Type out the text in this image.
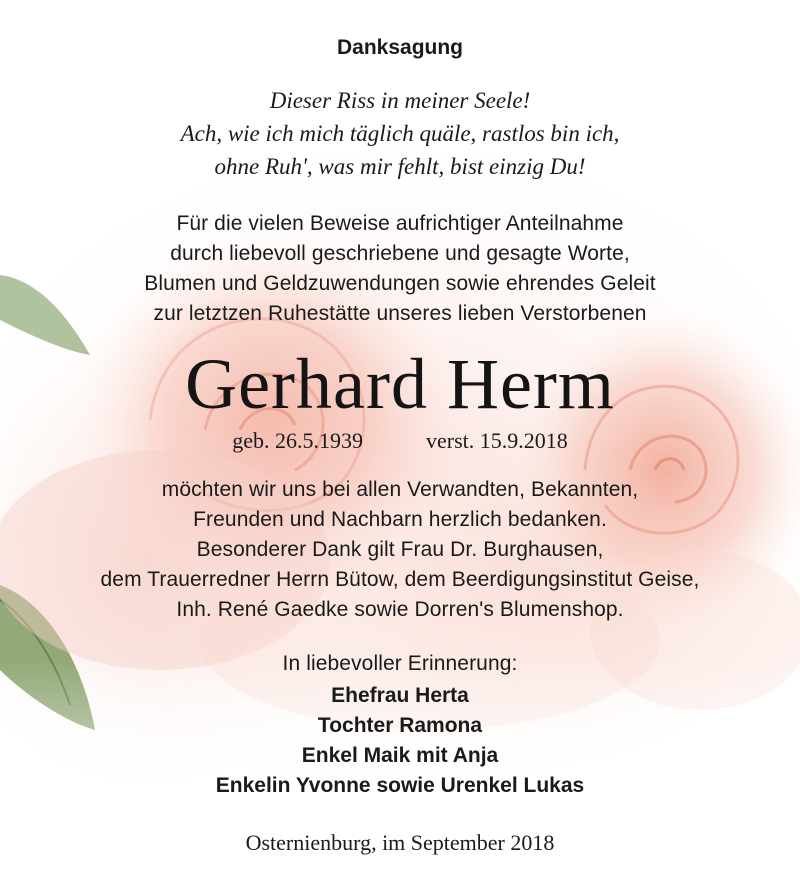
Danksagung
Dieser Riss in meiner Seele!
Ach, wie ich mich täglich quäle, rastlos bin ich,
ohne Ruh', was mir fehlt, bist einzig Du!
Für die vielen Beweise aufrichtiger Anteilnahme
durch liebevoll geschriebene und gesagte Worte,
Blumen und Geldzuwendungen sowie ehrendes Geleit
zur letztzen Ruhestätte unseres lieben Verstorbenen
Gerhard Herm
geb. 26.5.1939	verst. 15.9.2018
möchten wir uns bei allen Verwandten, Bekannten,
Freunden und Nachbarn herzlich bedanken.
Besonderer Dank gilt Frau Dr. Burghausen,
dem Trauerredner Herrn Bütow, dem Beerdigungsinstitut Geise,
Inh. René Gaedke sowie Dorren's Blumenshop.
In liebevoller Erinnerung:
Ehefrau Herta
Tochter Ramona
Enkel Maik mit Anja
Enkelin Yvonne sowie Urenkel Lukas
Osternienburg, im September 2018
